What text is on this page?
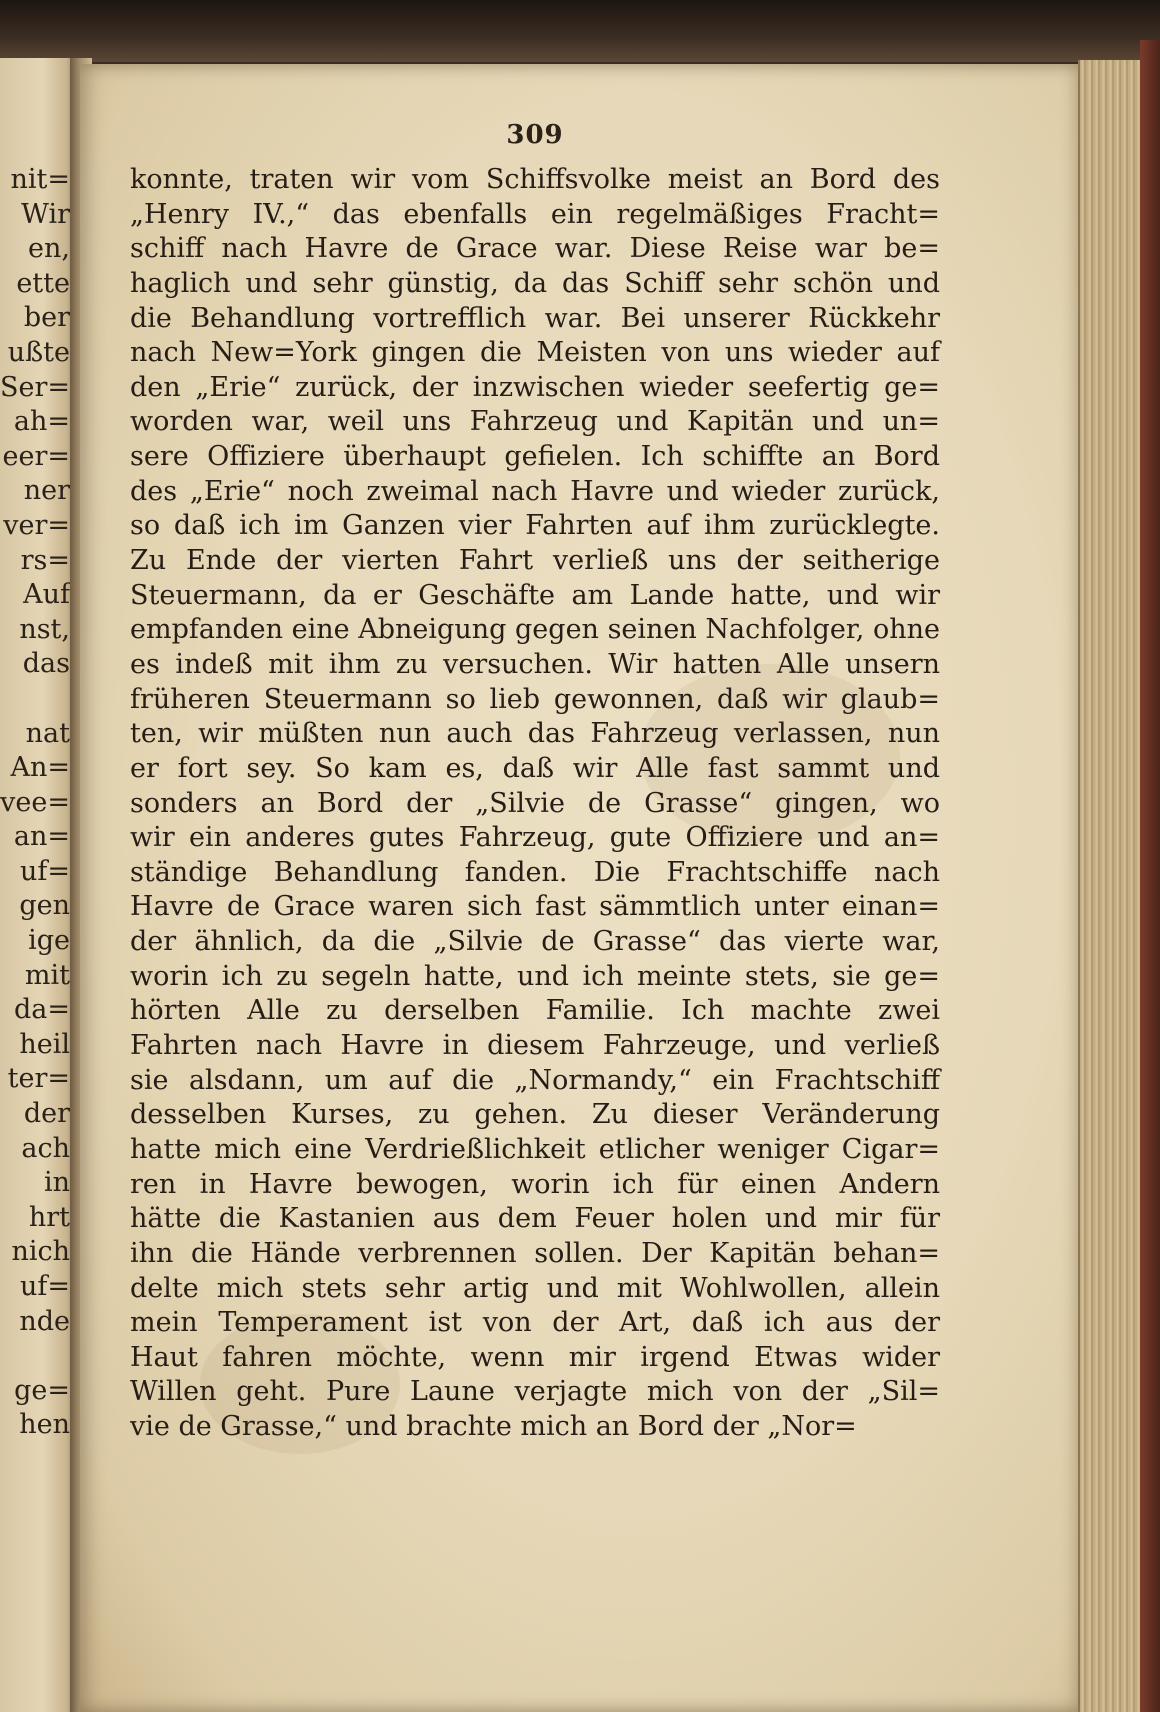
nit=
Wir
en,
ette
ber
ußte
Ser=
ah=
eer=
ner
ver=
rs=
Auf
nst,
das
nat
An=
vee=
an=
uf=
gen
ige
mit
da=
heil
ter=
der
ach
in
hrt
nich
uf=
nde
ge=
hen
309
konnte, traten wir vom Schiffsvolke meist an Bord des
„Henry IV.,“ das ebenfalls ein regelmäßiges Fracht=
schiff nach Havre de Grace war. Diese Reise war be=
haglich und sehr günstig, da das Schiff sehr schön und
die Behandlung vortrefflich war. Bei unserer Rückkehr
nach New=York gingen die Meisten von uns wieder auf
den „Erie“ zurück, der inzwischen wieder seefertig ge=
worden war, weil uns Fahrzeug und Kapitän und un=
sere Offiziere überhaupt gefielen. Ich schiffte an Bord
des „Erie“ noch zweimal nach Havre und wieder zurück,
so daß ich im Ganzen vier Fahrten auf ihm zurücklegte.
Zu Ende der vierten Fahrt verließ uns der seitherige
Steuermann, da er Geschäfte am Lande hatte, und wir
empfanden eine Abneigung gegen seinen Nachfolger, ohne
es indeß mit ihm zu versuchen. Wir hatten Alle unsern
früheren Steuermann so lieb gewonnen, daß wir glaub=
ten, wir müßten nun auch das Fahrzeug verlassen, nun
er fort sey. So kam es, daß wir Alle fast sammt und
sonders an Bord der „Silvie de Grasse“ gingen, wo
wir ein anderes gutes Fahrzeug, gute Offiziere und an=
ständige Behandlung fanden. Die Frachtschiffe nach
Havre de Grace waren sich fast sämmtlich unter einan=
der ähnlich, da die „Silvie de Grasse“ das vierte war,
worin ich zu segeln hatte, und ich meinte stets, sie ge=
hörten Alle zu derselben Familie. Ich machte zwei
Fahrten nach Havre in diesem Fahrzeuge, und verließ
sie alsdann, um auf die „Normandy,“ ein Frachtschiff
desselben Kurses, zu gehen. Zu dieser Veränderung
hatte mich eine Verdrießlichkeit etlicher weniger Cigar=
ren in Havre bewogen, worin ich für einen Andern
hätte die Kastanien aus dem Feuer holen und mir für
ihn die Hände verbrennen sollen. Der Kapitän behan=
delte mich stets sehr artig und mit Wohlwollen, allein
mein Temperament ist von der Art, daß ich aus der
Haut fahren möchte, wenn mir irgend Etwas wider
Willen geht. Pure Laune verjagte mich von der „Sil=
vie de Grasse,“ und brachte mich an Bord der „Nor=
